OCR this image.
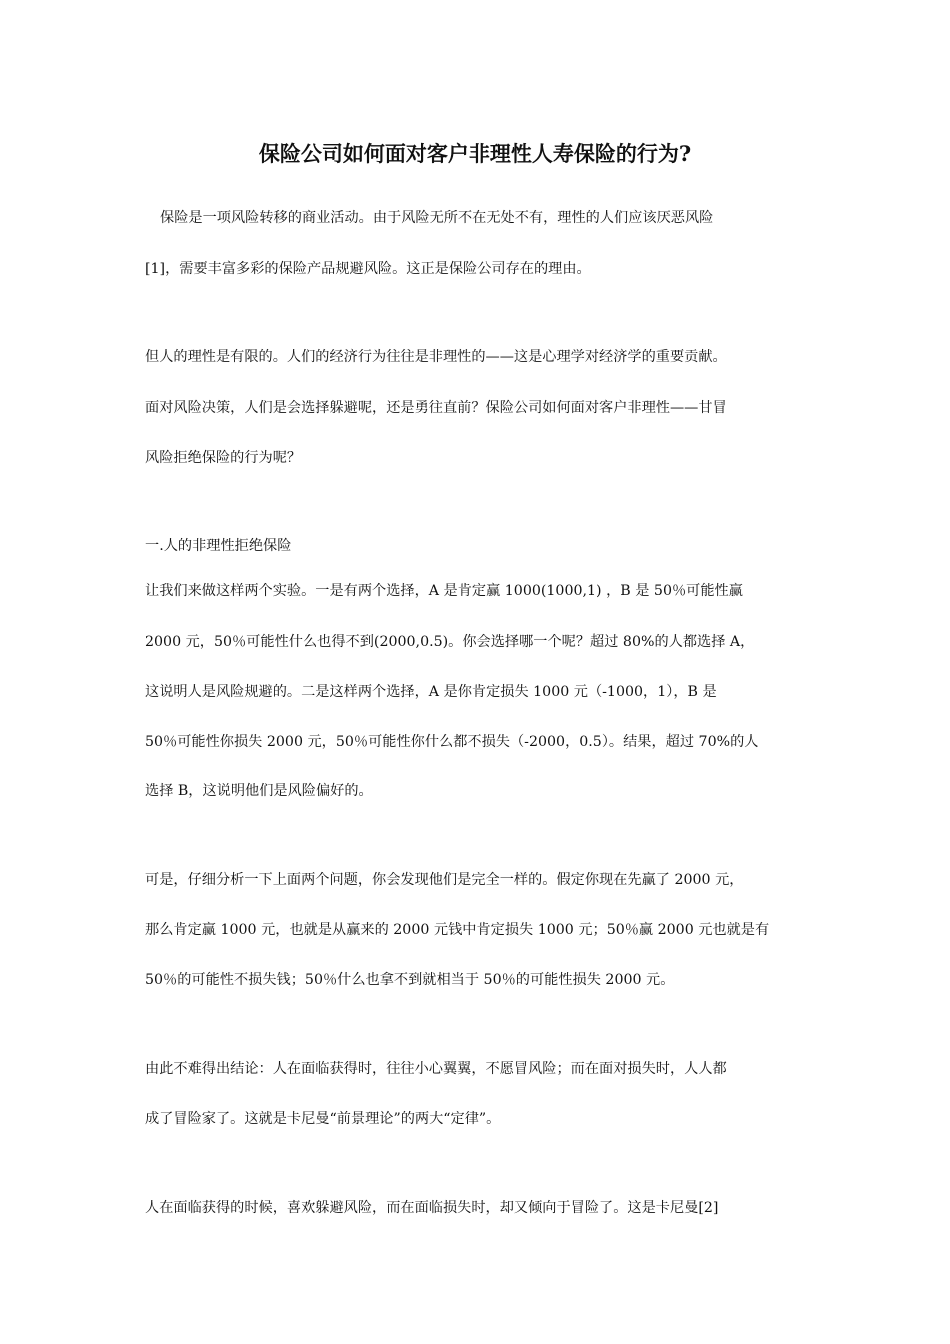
保险公司如何面对客户非理性人寿保险的行为?
保险是一项风险转移的商业活动。由于风险无所不在无处不有，理性的人们应该厌恶风险
[1]，需要丰富多彩的保险产品规避风险。这正是保险公司存在的理由。
但人的理性是有限的。人们的经济行为往往是非理性的——这是心理学对经济学的重要贡献。
面对风险决策，人们是会选择躲避呢，还是勇往直前？保险公司如何面对客户非理性——甘冒
风险拒绝保险的行为呢？
一.人的非理性拒绝保险
让我们来做这样两个实验。一是有两个选择，A 是肯定赢 1000(1000,1) ，B 是 50％可能性赢
2000 元，50％可能性什么也得不到(2000,0.5)。你会选择哪一个呢？超过 80%的人都选择 A，
这说明人是风险规避的。二是这样两个选择，A 是你肯定损失 1000 元（-1000，1），B 是
50％可能性你损失 2000 元，50％可能性你什么都不损失（-2000，0.5）。结果，超过 70%的人
选择 B，这说明他们是风险偏好的。
可是，仔细分析一下上面两个问题，你会发现他们是完全一样的。假定你现在先赢了 2000 元，
那么肯定赢 1000 元，也就是从赢来的 2000 元钱中肯定损失 1000 元；50％赢 2000 元也就是有
50％的可能性不损失钱；50％什么也拿不到就相当于 50％的可能性损失 2000 元。
由此不难得出结论：人在面临获得时，往往小心翼翼，不愿冒风险；而在面对损失时，人人都
成了冒险家了。这就是卡尼曼“前景理论”的两大“定律”。
人在面临获得的时候，喜欢躲避风险，而在面临损失时，却又倾向于冒险了。这是卡尼曼[2]
